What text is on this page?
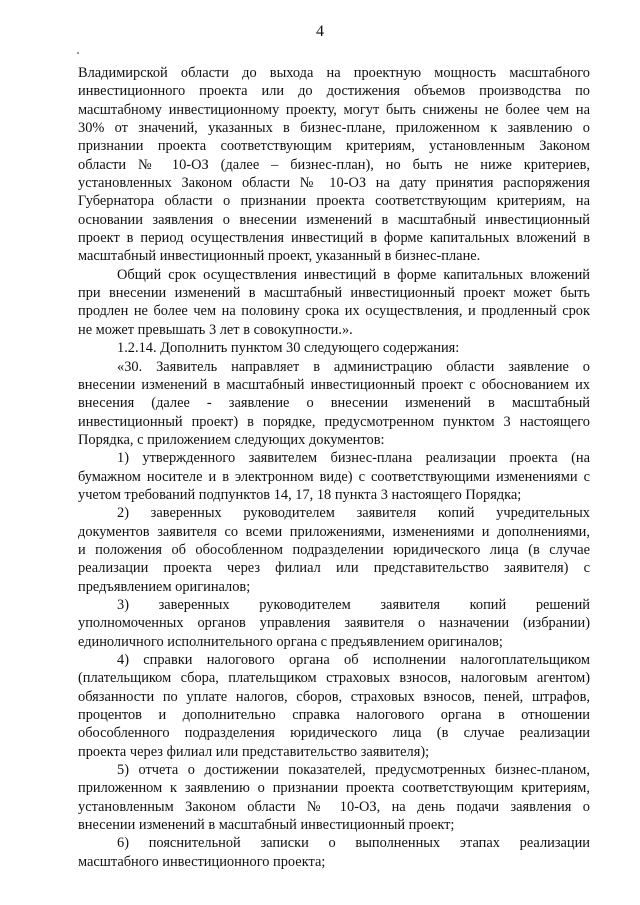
4
Владимирской области до выхода на проектную мощность масштабного
инвестиционного проекта или до достижения объемов производства по
масштабному инвестиционному проекту, могут быть снижены не более чем на
30% от значений, указанных в бизнес-плане, приложенном к заявлению о
признании проекта соответствующим критериям, установленным Законом
области № 10-ОЗ (далее – бизнес-план), но быть не ниже критериев,
установленных Законом области № 10-ОЗ на дату принятия распоряжения
Губернатора области о признании проекта соответствующим критериям, на
основании заявления о внесении изменений в масштабный инвестиционный
проект в период осуществления инвестиций в форме капитальных вложений в
масштабный инвестиционный проект, указанный в бизнес-плане.
Общий срок осуществления инвестиций в форме капитальных вложений
при внесении изменений в масштабный инвестиционный проект может быть
продлен не более чем на половину срока их осуществления, и продленный срок
не может превышать 3 лет в совокупности.».
1.2.14. Дополнить пунктом 30 следующего содержания:
«30. Заявитель направляет в администрацию области заявление о
внесении изменений в масштабный инвестиционный проект с обоснованием их
внесения (далее - заявление о внесении изменений в масштабный
инвестиционный проект) в порядке, предусмотренном пунктом 3 настоящего
Порядка, с приложением следующих документов:
1) утвержденного заявителем бизнес-плана реализации проекта (на
бумажном носителе и в электронном виде) с соответствующими изменениями с
учетом требований подпунктов 14, 17, 18 пункта 3 настоящего Порядка;
2) заверенных руководителем заявителя копий учредительных
документов заявителя со всеми приложениями, изменениями и дополнениями,
и положения об обособленном подразделении юридического лица (в случае
реализации проекта через филиал или представительство заявителя) с
предъявлением оригиналов;
3) заверенных руководителем заявителя копий решений
уполномоченных органов управления заявителя о назначении (избрании)
единоличного исполнительного органа с предъявлением оригиналов;
4) справки налогового органа об исполнении налогоплательщиком
(плательщиком сбора, плательщиком страховых взносов, налоговым агентом)
обязанности по уплате налогов, сборов, страховых взносов, пеней, штрафов,
процентов и дополнительно справка налогового органа в отношении
обособленного подразделения юридического лица (в случае реализации
проекта через филиал или представительство заявителя);
5) отчета о достижении показателей, предусмотренных бизнес-планом,
приложенном к заявлению о признании проекта соответствующим критериям,
установленным Законом области № 10-ОЗ, на день подачи заявления о
внесении изменений в масштабный инвестиционный проект;
6) пояснительной записки о выполненных этапах реализации
масштабного инвестиционного проекта;
